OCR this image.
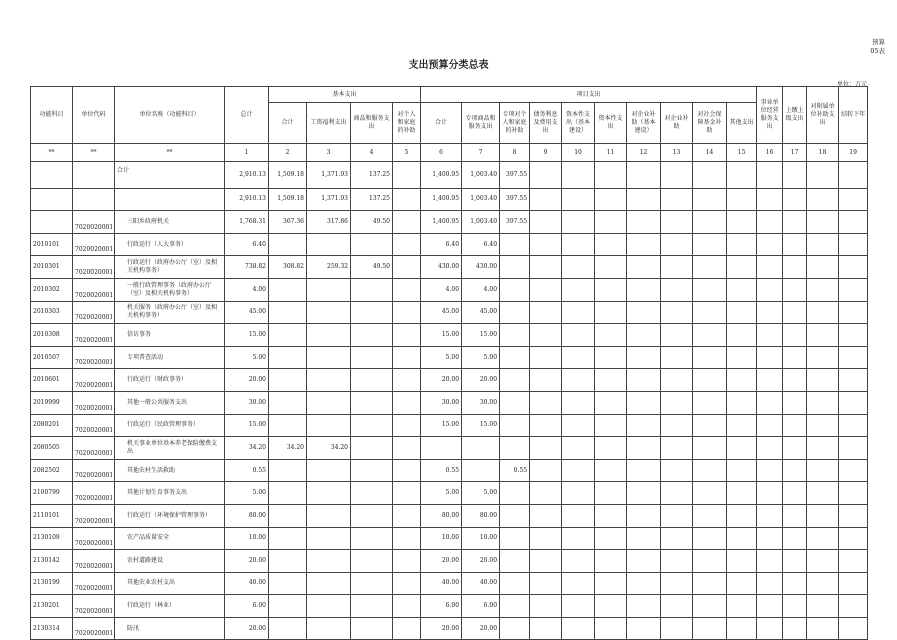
预算05表
支出预算分类总表
单位：万元
功能科目	单位代码	单位名称（功能科目）	总计	基本支出				项目支出										事业单位经营服务支出	上缴上级支出	对附属单位补助支出	结转下年
				合计	工资福利支出	商品和服务支出	对个人和家庭的补助	合计	专项商品和服务支出	专项对个人和家庭的补助	债务利息及费用支出	资本性支出（基本建设）	资本性支出	对企业补助（基本建设）	对企业补助	对社会保障基金补助	其他支出				
**	**	**	1	2	3	4	5	6	7	8	9	10	11	12	13	14	15	16	17	18	19
		合计	2,910.13	1,509.18	1,371.93	137.25		1,400.95	1,003.40	397.55											
			2,910.13	1,509.18	1,371.93	137.25		1,400.95	1,003.40	397.55											
	7020020001	三阳乡政府机关	1,768.31	367.36	317.86	49.50		1,400.95	1,003.40	397.55											
2010101	7020020001	行政运行（人大事务）	6.40					6.40	6.40												
2010301	7020020001	行政运行（政府办公厅（室）及相关机构事务）	738.82	308.82	259.32	49.50		430.00	430.00												
2010302	7020020001	一般行政管理事务（政府办公厅（室）及相关机构事务）	4.00					4.00	4.00												
2010303	7020020001	机关服务（政府办公厅（室）及相关机构事务）	45.00					45.00	45.00												
2010308	7020020001	信访事务	15.00					15.00	15.00												
2010507	7020020001	专项普查活动	5.00					5.00	5.00												
2010601	7020020001	行政运行（财政事务）	20.00					20.00	20.00												
2019999	7020020001	其他一般公共服务支出	30.00					30.00	30.00												
2080201	7020020001	行政运行（民政管理事务）	15.00					15.00	15.00												
2080505	7020020001	机关事业单位基本养老保险缴费支出	34.20	34.20	34.20																
2082502	7020020001	其他农村生活救助	0.55					0.55		0.55											
2100799	7020020001	其他计划生育事务支出	5.00					5.00	5.00												
2110101	7020020001	行政运行（环境保护管理事务）	80.00					80.00	80.00												
2130109	7020020001	农产品质量安全	10.00					10.00	10.00												
2130142	7020020001	农村道路建设	20.00					20.00	20.00												
2130199	7020020001	其他农业农村支出	40.00					40.00	40.00												
2130201	7020020001	行政运行（林业）	6.00					6.00	6.00												
2130314	7020020001	防汛	20.00					20.00	20.00												
